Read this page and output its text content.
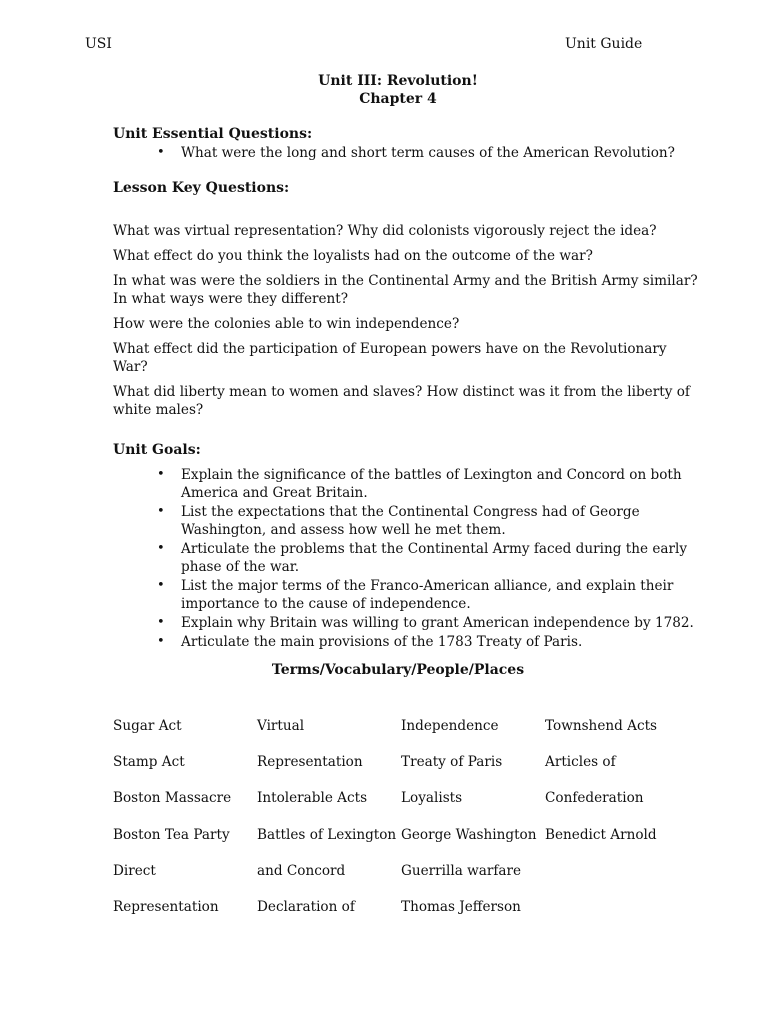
USI	Unit Guide
Unit III: Revolution!
Chapter 4

Unit Essential Questions:

• What were the long and short term causes of the American Revolution?

Lesson Key Questions:

What was virtual representation? Why did colonists vigorously reject the idea?

What effect do you think the loyalists had on the outcome of the war?

In what was were the soldiers in the Continental Army and the British Army similar? In what ways were they different?

How were the colonies able to win independence?

What effect did the participation of European powers have on the Revolutionary War?

What did liberty mean to women and slaves? How distinct was it from the liberty of white males?

Unit Goals:

• Explain the significance of the battles of Lexington and Concord on both America and Great Britain.
• List the expectations that the Continental Congress had of George Washington, and assess how well he met them.
• Articulate the problems that the Continental Army faced during the early phase of the war.
• List the major terms of the Franco-American alliance, and explain their importance to the cause of independence.
• Explain why Britain was willing to grant American independence by 1782.
• Articulate the main provisions of the 1783 Treaty of Paris.
Terms/Vocabulary/People/Places
Sugar Act
Stamp Act
Boston Massacre
Boston Tea Party
Direct
Representation
Virtual
Representation
Intolerable Acts
Battles of Lexington
and Concord
Declaration of
Independence
Treaty of Paris
Loyalists
George Washington
Guerrilla warfare
Thomas Jefferson
Townshend Acts
Articles of
Confederation
Benedict Arnold
